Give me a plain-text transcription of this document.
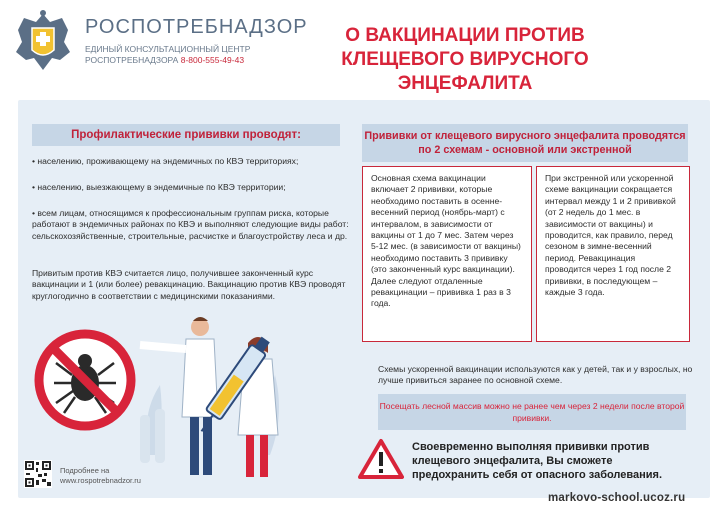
РОСПОТРЕБНАДЗОР
ЕДИНЫЙ КОНСУЛЬТАЦИОННЫЙ ЦЕНТР
РОСПОТРЕБНАДЗОРА 8-800-555-49-43
О ВАКЦИНАЦИИ ПРОТИВ
КЛЕЩЕВОГО ВИРУСНОГО ЭНЦЕФАЛИТА
Профилактические прививки проводят:
• населению, проживающему на эндемичных по КВЭ территориях;
• населению, выезжающему в эндемичные по КВЭ территории;
• всем лицам, относящимся к профессиональным группам риска, которые работают в эндемичных районах по КВЭ и выполняют следующие виды работ: сельскохозяйственные, строительные, расчистке и благоустройству леса и др.
Привитым против КВЭ считается лицо, получившее законченный курс вакцинации и 1 (или более) ревакцинацию. Вакцинацию против КВЭ проводят круглогодично в соответствии с медицинскими показаниями.
Прививки от клещевого вирусного энцефалита проводятся по 2 схемам - основной или экстренной
Основная схема вакцинации включает 2 прививки, которые необходимо поставить в осенне-весенний период (ноябрь-март) с интервалом, в зависимости от вакцины от 1 до 7 мес. Затем через 5-12 мес. (в зависимости от вакцины) необходимо поставить 3 прививку (это законченный курс вакцинации). Далее следуют отдаленные ревакцинации – прививка 1 раз в 3 года.
При экстренной или ускоренной схеме вакцинации сокращается интервал между 1 и 2 прививкой (от 2 недель до 1 мес. в зависимости от вакцины) и проводится, как правило, перед сезоном в зимне-весенний период. Ревакцинация проводится через 1 год после 2 прививки, в последующем – каждые 3 года.
Схемы ускоренной вакцинации используются как у детей, так и у взрослых, но лучше привиться заранее по основной схеме.
Посещать лесной массив можно не ранее чем через 2 недели после второй прививки.
Своевременно выполняя прививки против клещевого энцефалита, Вы сможете предохранить себя от опасного заболевания.
Подробнее на
www.rospotrebnadzor.ru
markovo-school.ucoz.ru
